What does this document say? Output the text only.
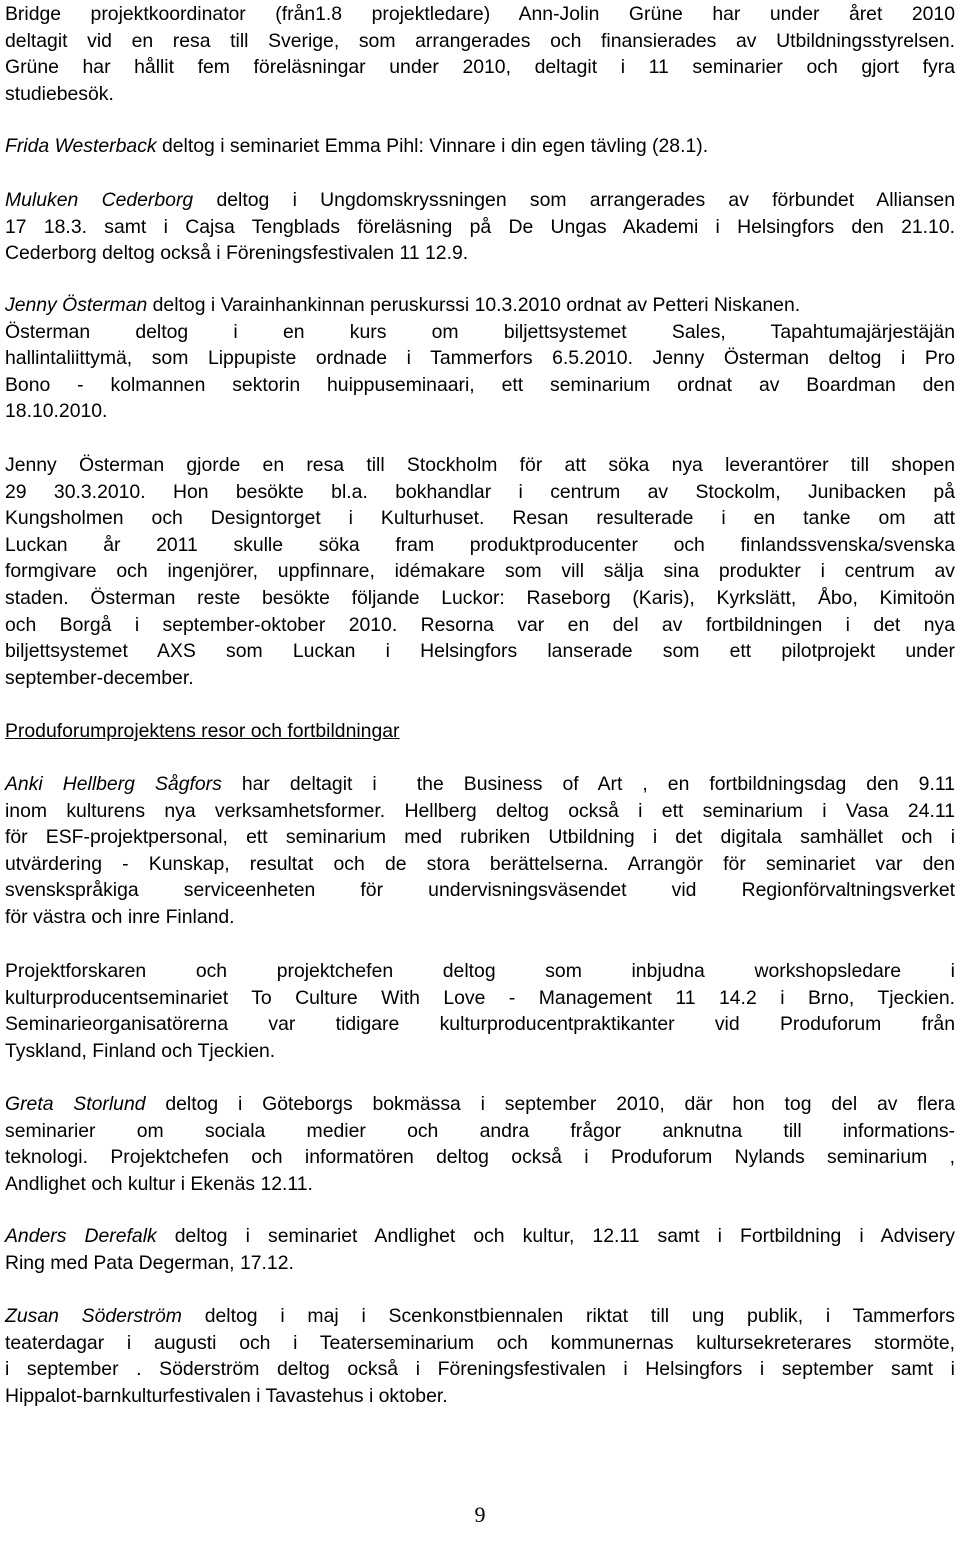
Bridge projektkoordinator (från1.8 projektledare) Ann-Jolin Grüne har under året 2010
deltagit vid en resa till Sverige, som arrangerades och finansierades av Utbildningsstyrelsen.
Grüne har hållit fem föreläsningar under 2010, deltagit i 11 seminarier och gjort fyra
studiebesök.
Frida Westerback deltog i seminariet Emma Pihl: Vinnare i din egen tävling (28.1).
Muluken Cederborg deltog i Ungdomskryssningen som arrangerades av förbundet Alliansen
17 18.3. samt i Cajsa Tengblads föreläsning på De Ungas Akademi i Helsingfors den 21.10.
Cederborg deltog också i Föreningsfestivalen 11 12.9.
Jenny Österman deltog i Varainhankinnan peruskurssi 10.3.2010 ordnat av Petteri Niskanen.
Österman deltog i en kurs om biljettsystemet Sales, Tapahtumajärjestäjän
hallintaliittymä, som Lippupiste ordnade i Tammerfors 6.5.2010. Jenny Österman deltog i Pro
Bono - kolmannen sektorin huippuseminaari, ett seminarium ordnat av Boardman den
18.10.2010.
Jenny Österman gjorde en resa till Stockholm för att söka nya leverantörer till shopen
29 30.3.2010. Hon besökte bl.a. bokhandlar i centrum av Stockolm, Junibacken på
Kungsholmen och Designtorget i Kulturhuset. Resan resulterade i en tanke om att
Luckan år 2011 skulle söka fram produktproducenter och finlandssvenska/svenska
formgivare och ingenjörer, uppfinnare, idémakare som vill sälja sina produkter i centrum av
staden. Österman reste besökte följande Luckor: Raseborg (Karis), Kyrkslätt, Åbo, Kimitoön
och Borgå i september-oktober 2010. Resorna var en del av fortbildningen i det nya
biljettsystemet AXS som Luckan i Helsingfors lanserade som ett pilotprojekt under
september-december.
Produforumprojektens resor och fortbildningar
Anki Hellberg Sågfors har deltagit i  the Business of Art , en fortbildningsdag den 9.11
inom kulturens nya verksamhetsformer. Hellberg deltog också i ett seminarium i Vasa 24.11
för ESF-projektpersonal, ett seminarium med rubriken Utbildning i det digitala samhället och i
utvärdering - Kunskap, resultat och de stora berättelserna. Arrangör för seminariet var den
svenskspråkiga serviceenheten för undervisningsväsendet vid Regionförvaltningsverket
för västra och inre Finland.
Projektforskaren och projektchefen deltog som inbjudna workshopsledare i
kulturproducentseminariet To Culture With Love - Management 11 14.2 i Brno, Tjeckien.
Seminarieorganisatörerna var tidigare kulturproducentpraktikanter vid Produforum från
Tyskland, Finland och Tjeckien.
Greta Storlund deltog i Göteborgs bokmässa i september 2010, där hon tog del av flera
seminarier om sociala medier och andra frågor anknutna till informations-
teknologi. Projektchefen och informatören deltog också i Produforum Nylands seminarium ,
Andlighet och kultur i Ekenäs 12.11.
Anders Derefalk deltog i seminariet Andlighet och kultur, 12.11 samt i Fortbildning i Advisery
Ring med Pata Degerman, 17.12.
Zusan Söderström deltog i maj i Scenkonstbiennalen riktat till ung publik, i Tammerfors
teaterdagar i augusti och i Teaterseminarium och kommunernas kultursekreterares stormöte,
i september . Söderström deltog också i Föreningsfestivalen i Helsingfors i september samt i
Hippalot-barnkulturfestivalen i Tavastehus i oktober.
9
